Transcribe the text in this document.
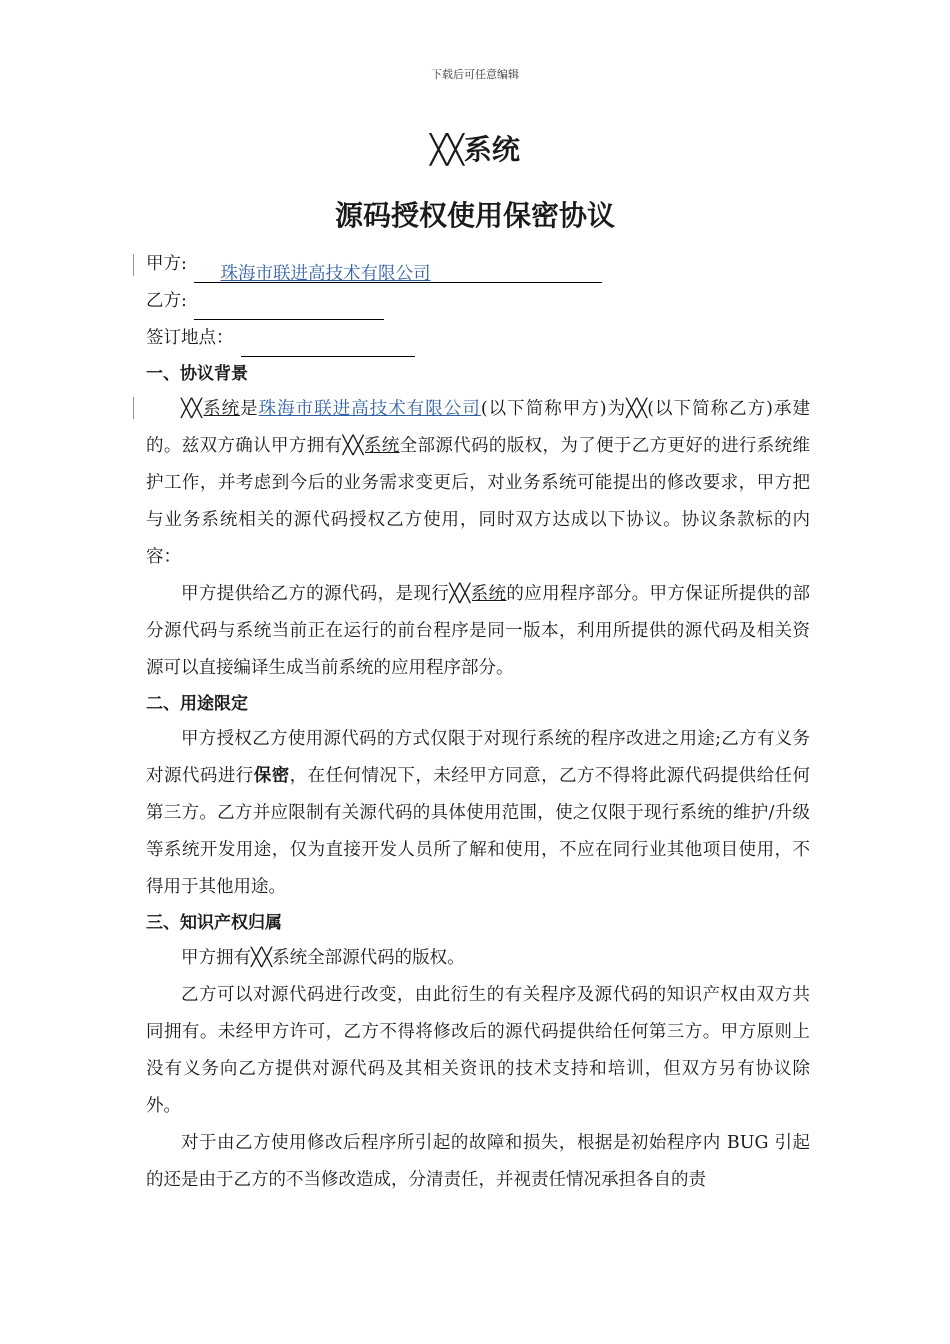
下载后可任意编辑
╳╳系统
源码授权使用保密协议
甲方: 珠海市联进高技术有限公司
乙方:
签订地点：
一、协议背景
╳╳系统是珠海市联进高技术有限公司(以下简称甲方)为╳╳(以下简称乙方)承建的。兹双方确认甲方拥有╳╳系统全部源代码的版权，为了便于乙方更好的进行系统维护工作，并考虑到今后的业务需求变更后，对业务系统可能提出的修改要求，甲方把与业务系统相关的源代码授权乙方使用，同时双方达成以下协议。协议条款标的内容：
甲方提供给乙方的源代码，是现行╳╳系统的应用程序部分。甲方保证所提供的部分源代码与系统当前正在运行的前台程序是同一版本，利用所提供的源代码及相关资源可以直接编译生成当前系统的应用程序部分。
二、用途限定
甲方授权乙方使用源代码的方式仅限于对现行系统的程序改进之用途;乙方有义务对源代码进行保密，在任何情况下，未经甲方同意，乙方不得将此源代码提供给任何第三方。乙方并应限制有关源代码的具体使用范围，使之仅限于现行系统的维护/升级等系统开发用途，仅为直接开发人员所了解和使用，不应在同行业其他项目使用，不得用于其他用途。
三、知识产权归属
甲方拥有╳╳系统全部源代码的版权。
乙方可以对源代码进行改变，由此衍生的有关程序及源代码的知识产权由双方共同拥有。未经甲方许可，乙方不得将修改后的源代码提供给任何第三方。甲方原则上没有义务向乙方提供对源代码及其相关资讯的技术支持和培训，但双方另有协议除外。
对于由乙方使用修改后程序所引起的故障和损失，根据是初始程序内 BUG 引起的还是由于乙方的不当修改造成，分清责任，并视责任情况承担各自的责
